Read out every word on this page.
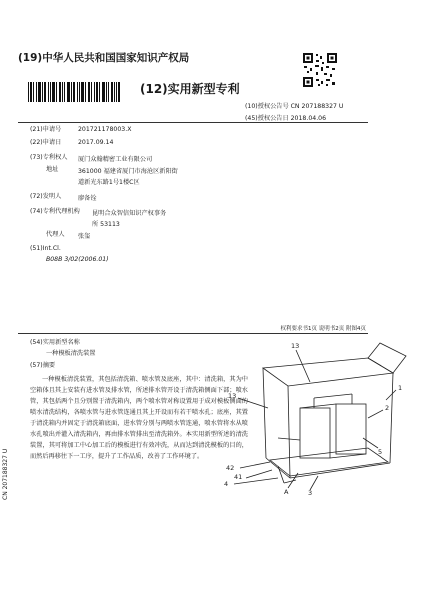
(19)中华人民共和国国家知识产权局
(12)实用新型专利
(10)授权公告号 CN 207188327 U
(45)授权公告日 2018.04.06
(21)申请号	201721178003.X
(22)申请日	2017.09.14
(73)专利权人 厦门众翰精密工业有限公司
地址	361000 福建省厦门市海沧区新阳街
道新光东路1号1楼C区
(72)发明人	廖备铨
(74)专利代理机构 昆明合众智信知识产权事务
所 53113
代理人 张玺
(51)Int.Cl.
B08B 3/02(2006.01)
权利要求书1页 说明书2页 附图4页
(54)实用新型名称
一种模板清洗装置
(57)摘要
一种模板清洗装置，其包括清洗箱、喷水管及底座，其中：清洗箱，其为中空箱体且其上安装有进水管及排水管，所述排水管开设于清洗箱侧面下部；喷水管，其包括两个且分别置于清洗箱内，两个喷水管对称设置用于成对模板侧面的喷水清洗结构，各喷水管与进水管连通且其上开设而有若干喷水孔；底座，其置于清洗箱内并固定于清洗箱底面，进水管分别与两喷水管连通，喷水管将水从喷水孔喷出并灌入清洗箱内，再由排水管排出至清洗箱外。本实用新型所述的清洗装置，其可将加工中心加工后的模板进行有效冲洗，从而达到清洗模板的目的，而然后再移往下一工序，提升了工作品质，改善了工作环境了。
13
13
1
2
5
42
41
4
A	3
CN 207188327 U
